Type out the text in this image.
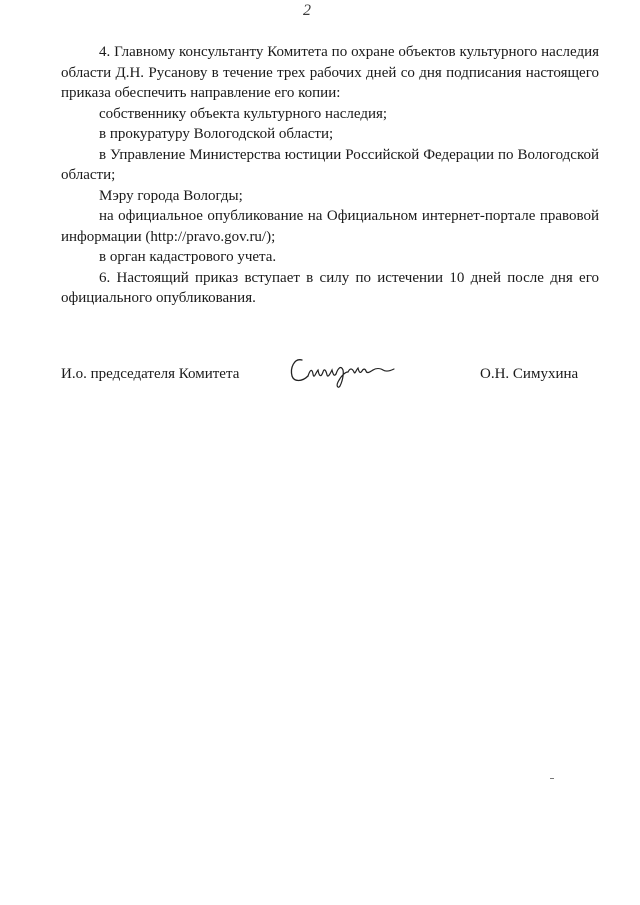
2

4. Главному консультанту Комитета по охране объектов культурного наследия области Д.Н. Русанову в течение трех рабочих дней со дня подписания настоящего приказа обеспечить направление его копии:

собственнику объекта культурного наследия;

в прокуратуру Вологодской области;

в Управление Министерства юстиции Российской Федерации по Вологодской области;

Мэру города Вологды;

на официальное опубликование на Официальном интернет-портале правовой информации (http://pravo.gov.ru/);

в орган кадастрового учета.

6. Настоящий приказ вступает в силу по истечении 10 дней после дня его официального опубликования.

И.о. председателя Комитета	О.Н. Симухина
